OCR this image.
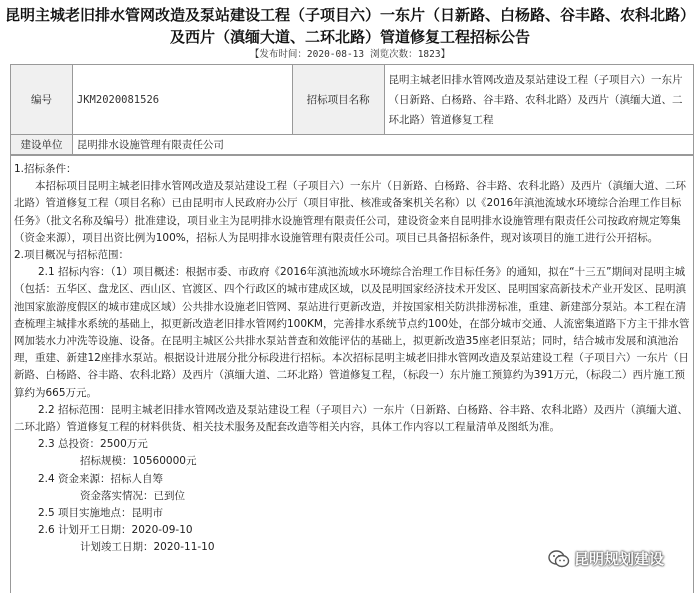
昆明主城老旧排水管网改造及泵站建设工程（子项目六）一东片（日新路、白杨路、谷丰路、农科北路）及西片（滇缅大道、二环北路）管道修复工程招标公告
【发布时间：2020-08-13 浏览次数：1823】
编号	JKM2020081526	招标项目名称	昆明主城老旧排水管网改造及泵站建设工程（子项目六）一东片（日新路、白杨路、谷丰路、农科北路）及西片（滇缅大道、二环北路）管道修复工程
建设单位	昆明排水设施管理有限责任公司		

1.招标条件：

本招标项目昆明主城老旧排水管网改造及泵站建设工程（子项目六）一东片（日新路、白杨路、谷丰路、农科北路）及西片（滇缅大道、二环北路）管道修复工程（项目名称）已由昆明市人民政府办公厅（项目审批、核准或备案机关名称）以《2016年滇池流域水环境综合治理工作目标任务》（批文名称及编号）批准建设，项目业主为昆明排水设施管理有限责任公司，建设资金来自昆明排水设施管理有限责任公司按政府规定筹集（资金来源），项目出资比例为100%，招标人为昆明排水设施管理有限责任公司。项目已具备招标条件，现对该项目的施工进行公开招标。

2.项目概况与招标范围：

2.1 招标内容：（1）项目概述：根据市委、市政府《2016年滇池流域水环境综合治理工作目标任务》的通知，拟在“十三五”期间对昆明主城（包括：五华区、盘龙区、西山区、官渡区、四个行政区的城市建成区域，以及昆明国家经济技术开发区、昆明国家高新技术产业开发区、昆明滇池国家旅游度假区的城市建成区域）公共排水设施老旧管网、泵站进行更新改造，并按国家相关防洪排涝标准，重建、新建部分泵站。本工程在清查梳理主城排水系统的基础上，拟更新改造老旧排水管网约100KM，完善排水系统节点约100处，在部分城市交通、人流密集道路下方主干排水管网加装水力冲洗等设施、设备。在昆明主城区公共排水泵站普查和效能评估的基础上，拟更新改造35座老旧泵站；同时，结合城市发展和滇池治理，重建、新建12座排水泵站。根据设计进展分批分标段进行招标。本次招标昆明主城老旧排水管网改造及泵站建设工程（子项目六）一东片（日新路、白杨路、谷丰路、农科北路）及西片（滇缅大道、二环北路）管道修复工程，（标段一）东片施工预算约为391万元，（标段二）西片施工预算约为665万元。

2.2 招标范围：昆明主城老旧排水管网改造及泵站建设工程（子项目六）一东片（日新路、白杨路、谷丰路、农科北路）及西片（滇缅大道、二环北路）管道修复工程的材料供货、相关技术服务及配套改造等相关内容，具体工作内容以工程量清单及图纸为准。

2.3 总投资：2500万元

招标规模：10560000元

2.4 资金来源：招标人自筹

资金落实情况：已到位

2.5 项目实施地点：昆明市

2.6 计划开工日期：2020-09-10

计划竣工日期：2020-11-10

昆明规划建设
